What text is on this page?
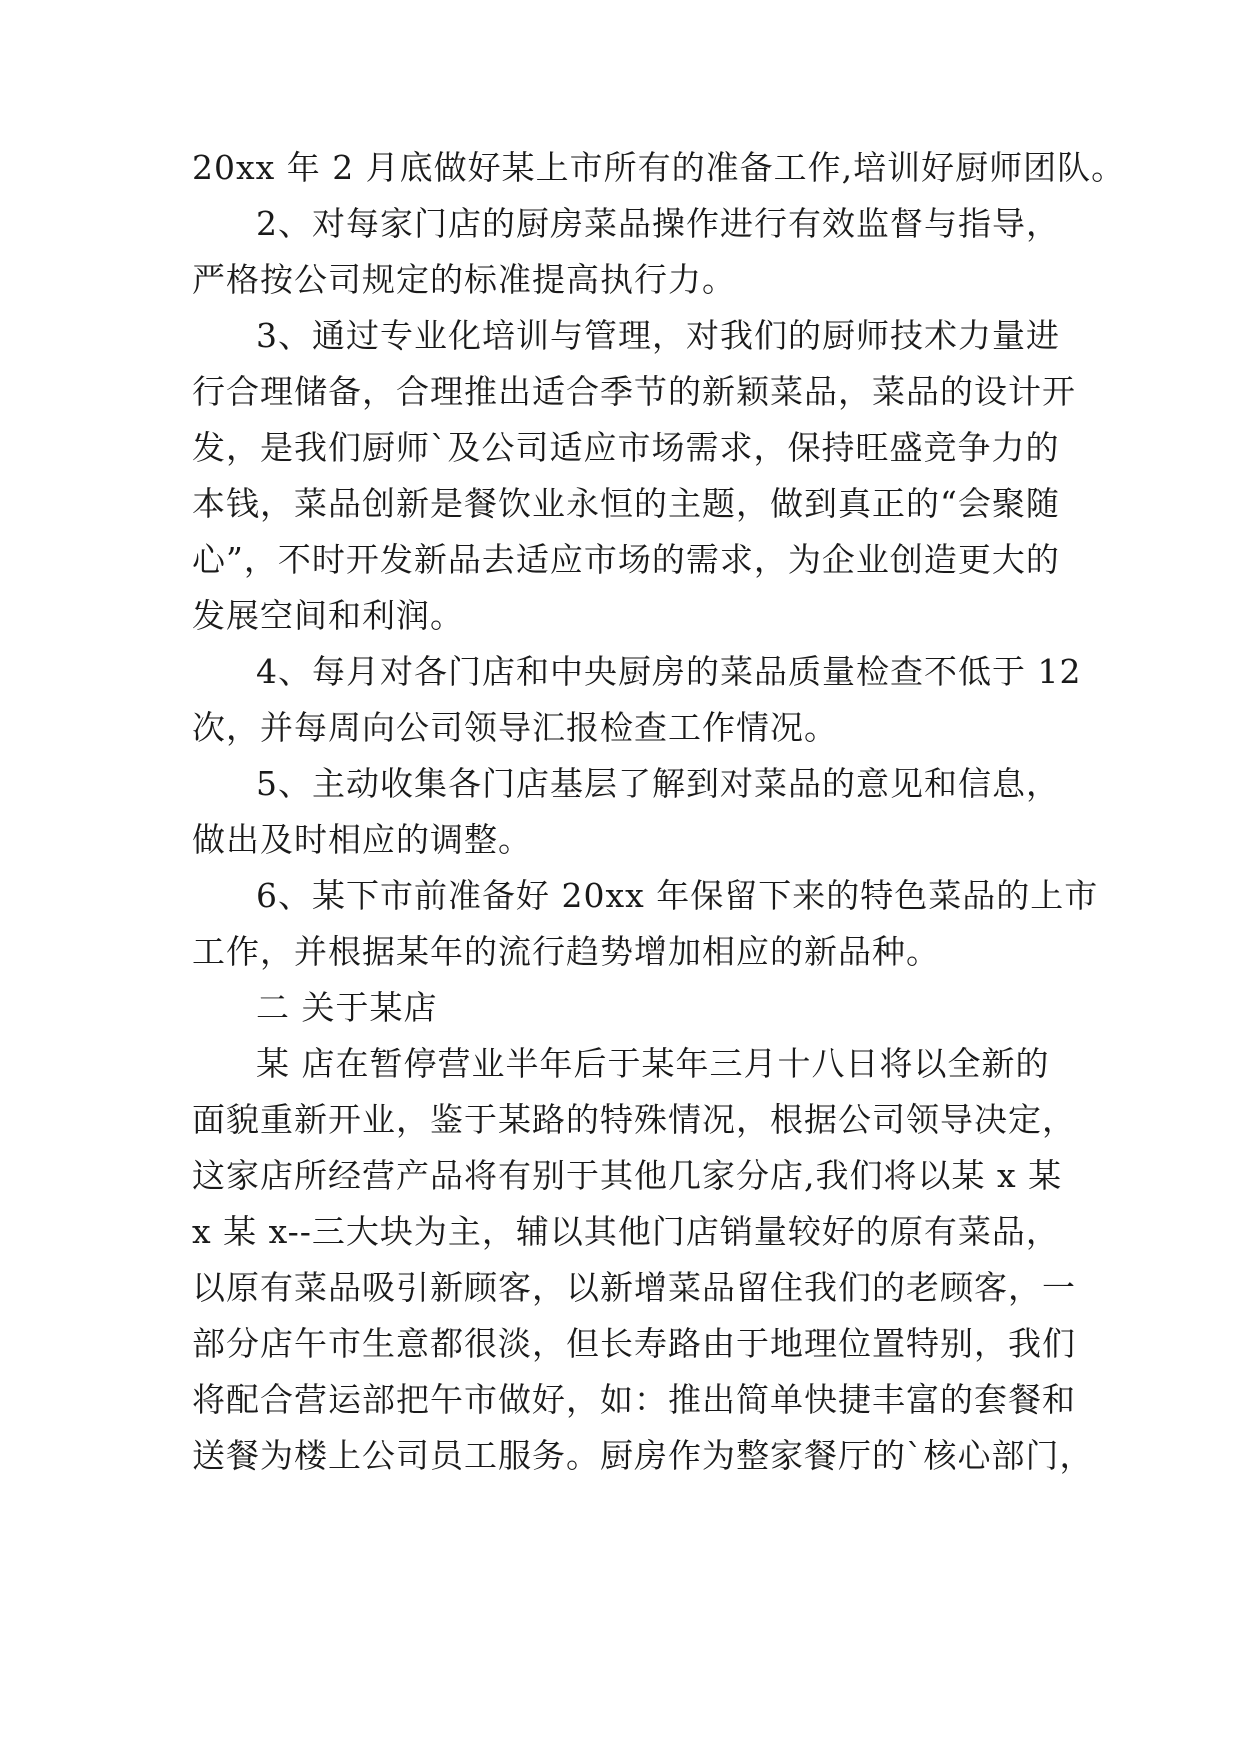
20xx 年 2 月底做好某上市所有的准备工作,培训好厨师团队。
2、对每家门店的厨房菜品操作进行有效监督与指导，
严格按公司规定的标准提高执行力。
3、通过专业化培训与管理，对我们的厨师技术力量进
行合理储备，合理推出适合季节的新颖菜品，菜品的设计开
发，是我们厨师`及公司适应市场需求，保持旺盛竞争力的
本钱，菜品创新是餐饮业永恒的主题，做到真正的“会聚随
心”，不时开发新品去适应市场的需求，为企业创造更大的
发展空间和利润。
4、每月对各门店和中央厨房的菜品质量检查不低于 12
次，并每周向公司领导汇报检查工作情况。
5、主动收集各门店基层了解到对菜品的意见和信息，
做出及时相应的调整。
6、某下市前准备好 20xx 年保留下来的特色菜品的上市
工作，并根据某年的流行趋势增加相应的新品种。
二 关于某店
某 店在暂停营业半年后于某年三月十八日将以全新的
面貌重新开业，鉴于某路的特殊情况，根据公司领导决定，
这家店所经营产品将有别于其他几家分店,我们将以某 x 某
x 某 x--三大块为主，辅以其他门店销量较好的原有菜品，
以原有菜品吸引新顾客，以新增菜品留住我们的老顾客，一
部分店午市生意都很淡，但长寿路由于地理位置特别，我们
将配合营运部把午市做好，如：推出简单快捷丰富的套餐和
送餐为楼上公司员工服务。厨房作为整家餐厅的`核心部门，
